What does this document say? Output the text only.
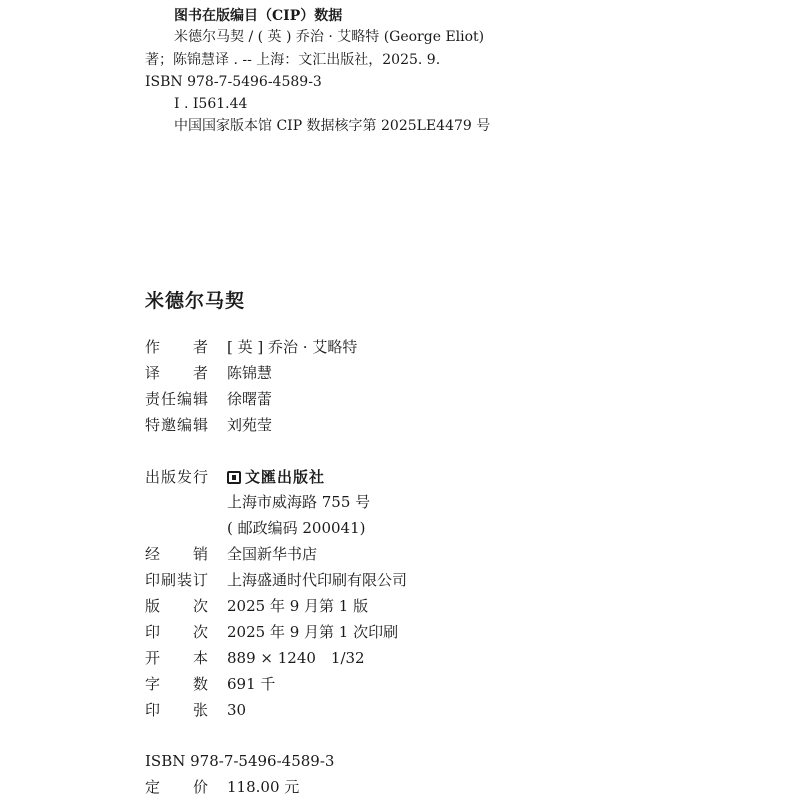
图书在版编目（CIP）数据
米德尔马契 / ( 英 ) 乔治 · 艾略特 (George Eliot)
著；陈锦慧译 . -- 上海：文汇出版社，2025. 9.
ISBN 978-7-5496-4589-3
Ⅰ . I561.44
中国国家版本馆 CIP 数据核字第 2025LE4479 号
米德尔马契
作 者 [ 英 ] 乔治 · 艾略特
译 者 陈锦慧
责任编辑 徐曙蕾
特邀编辑 刘苑莹
出版发行 文匯出版社
上海市威海路 755 号
( 邮政编码 200041)
经 销 全国新华书店
印刷装订 上海盛通时代印刷有限公司
版 次 2025 年 9 月第 1 版
印 次 2025 年 9 月第 1 次印刷
开 本 889 × 1240　1/32
字 数 691 千
印 张 30
ISBN 978-7-5496-4589-3
定 价 118.00 元
